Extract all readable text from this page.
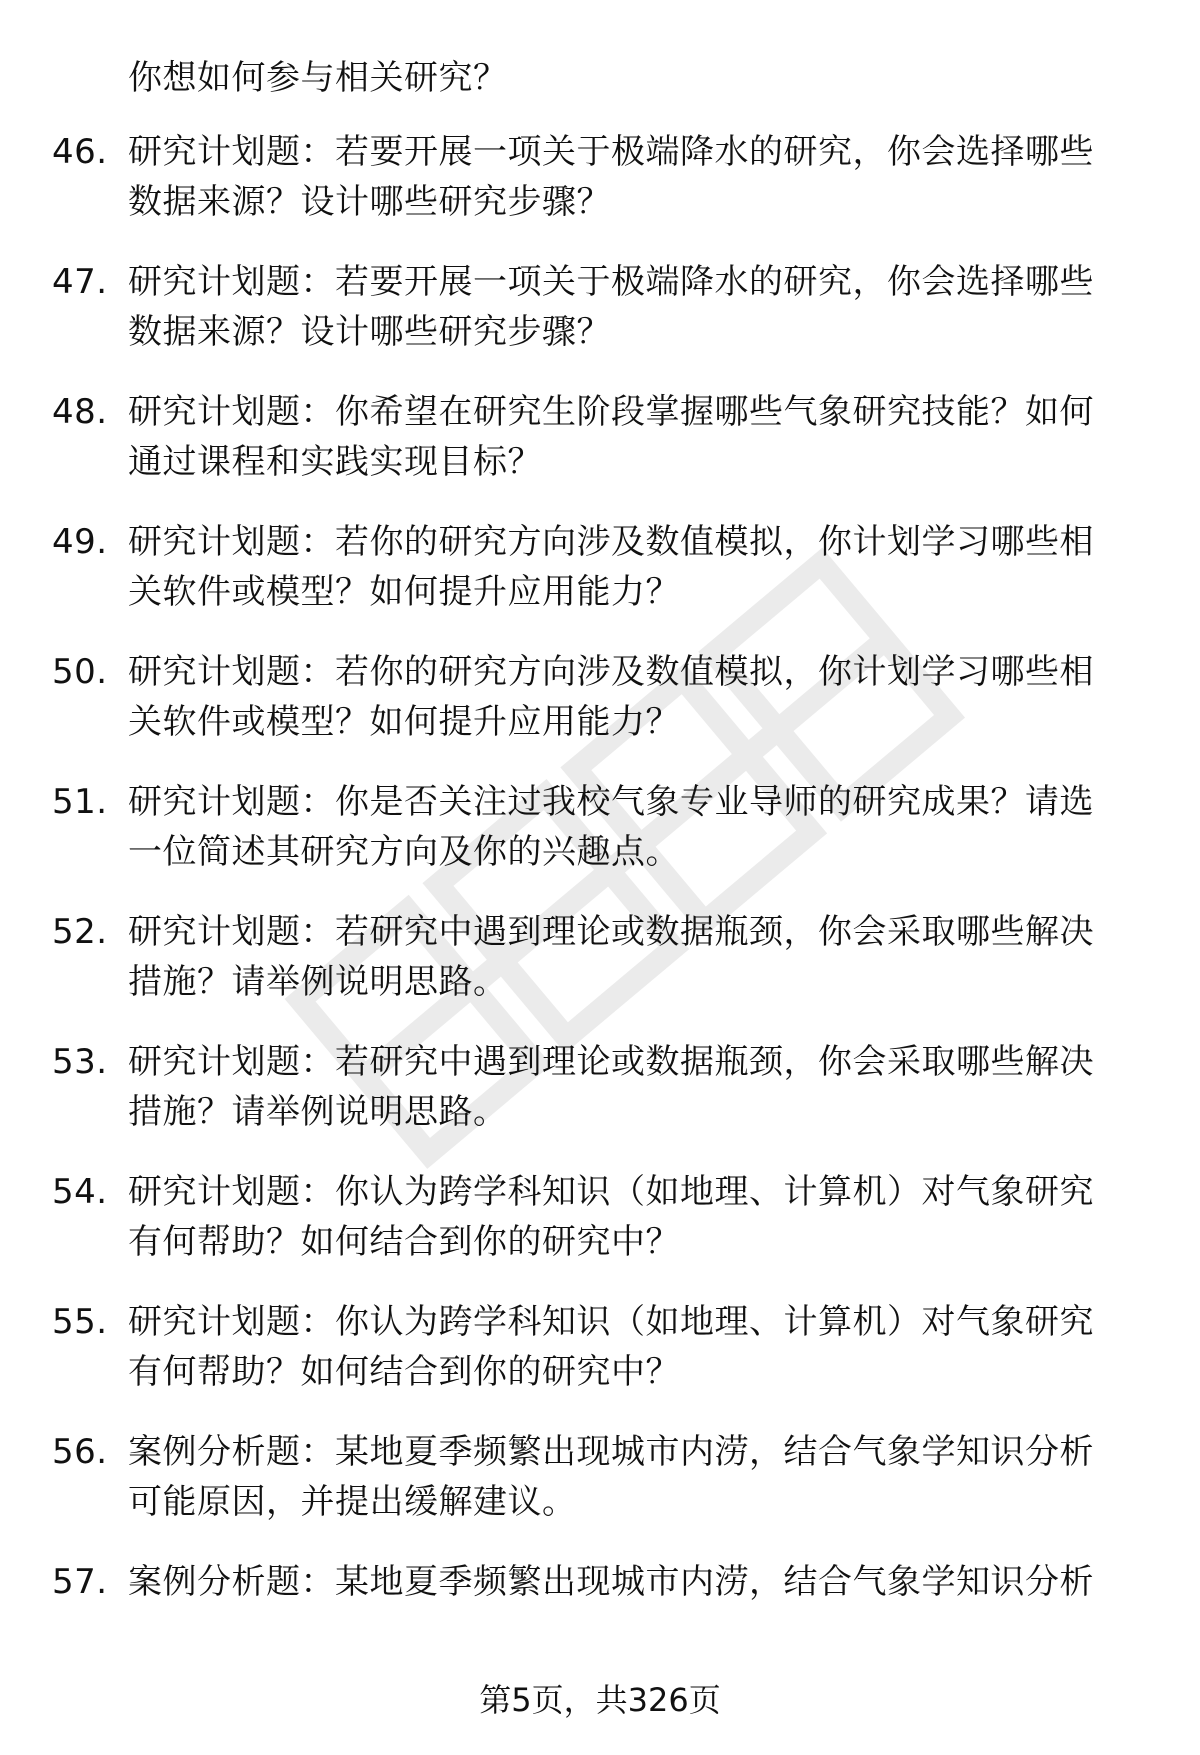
你想如何参与相关研究？
46. 研究计划题：若要开展一项关于极端降水的研究，你会选择哪些
数据来源？设计哪些研究步骤？
47. 研究计划题：若要开展一项关于极端降水的研究，你会选择哪些
数据来源？设计哪些研究步骤？
48. 研究计划题：你希望在研究生阶段掌握哪些气象研究技能？如何
通过课程和实践实现目标？
49. 研究计划题：若你的研究方向涉及数值模拟，你计划学习哪些相
关软件或模型？如何提升应用能力？
50. 研究计划题：若你的研究方向涉及数值模拟，你计划学习哪些相
关软件或模型？如何提升应用能力？
51. 研究计划题：你是否关注过我校气象专业导师的研究成果？请选
一位简述其研究方向及你的兴趣点。
52. 研究计划题：若研究中遇到理论或数据瓶颈，你会采取哪些解决
措施？请举例说明思路。
53. 研究计划题：若研究中遇到理论或数据瓶颈，你会采取哪些解决
措施？请举例说明思路。
54. 研究计划题：你认为跨学科知识（如地理、计算机）对气象研究
有何帮助？如何结合到你的研究中？
55. 研究计划题：你认为跨学科知识（如地理、计算机）对气象研究
有何帮助？如何结合到你的研究中？
56. 案例分析题：某地夏季频繁出现城市内涝，结合气象学知识分析
可能原因，并提出缓解建议。
57. 案例分析题：某地夏季频繁出现城市内涝，结合气象学知识分析
第5页，共326页
